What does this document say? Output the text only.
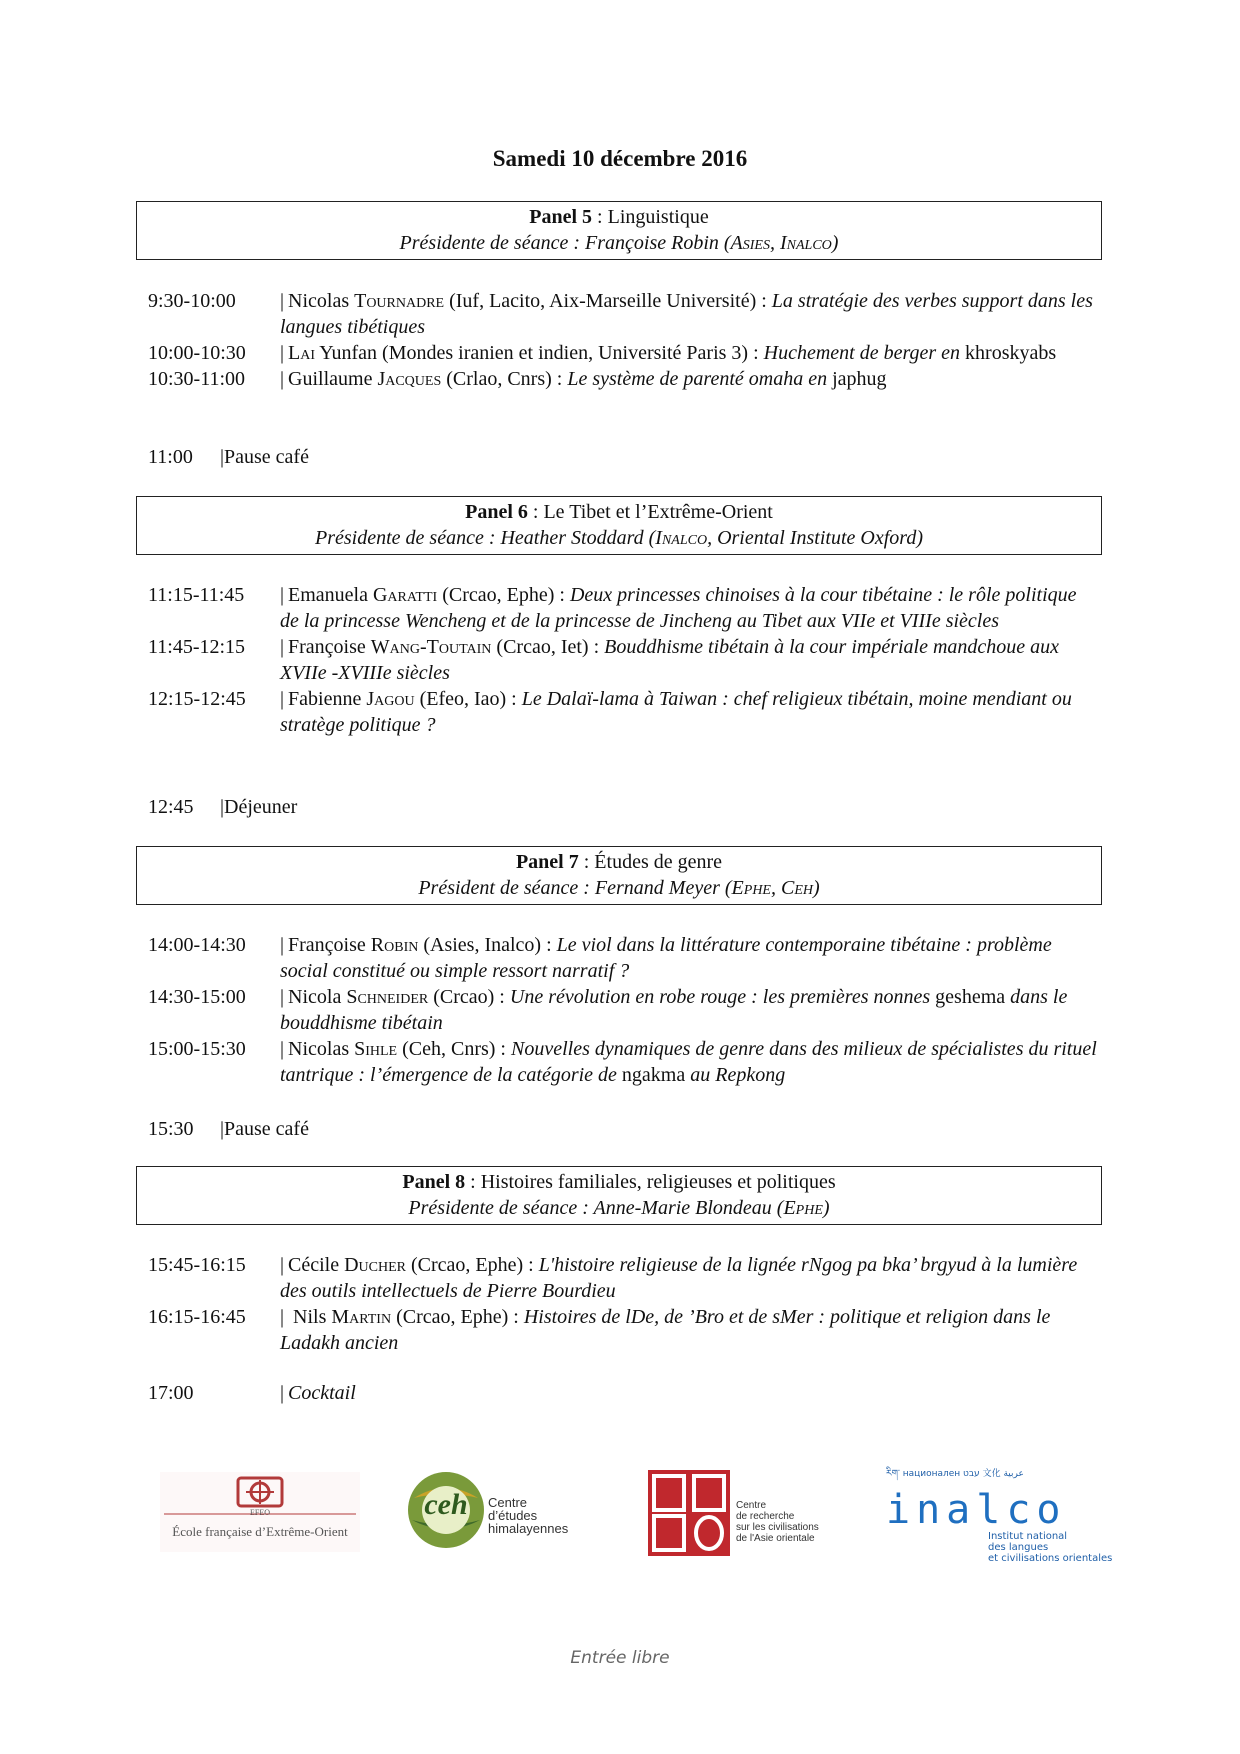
Samedi 10 décembre 2016
Panel 5 : Linguistique
Présidente de séance : Françoise Robin (Asies, Inalco)
9:30-10:00	| Nicolas Tournadre (Iuf, Lacito, Aix-Marseille Université) : La stratégie des verbes support dans les langues tibétiques
10:00-10:30	| Lai Yunfan (Mondes iranien et indien, Université Paris 3) : Huchement de berger en khroskyabs
10:30-11:00	| Guillaume Jacques (Crlao, Cnrs) : Le système de parenté omaha en japhug
11:00	|Pause café
Panel 6 : Le Tibet et l’Extrême-Orient
Présidente de séance : Heather Stoddard (Inalco, Oriental Institute Oxford)
11:15-11:45	| Emanuela Garatti (Crcao, Ephe) : Deux princesses chinoises à la cour tibétaine : le rôle politique de la princesse Wencheng et de la princesse de Jincheng au Tibet aux VIIe et VIIIe siècles
11:45-12:15	| Françoise Wang-Toutain (Crcao, Iet) : Bouddhisme tibétain à la cour impériale mandchoue aux XVIIe -XVIIIe siècles
12:15-12:45	| Fabienne Jagou (Efeo, Iao) : Le Dalaï-lama à Taiwan : chef religieux tibétain, moine mendiant ou stratège politique ?
12:45	|Déjeuner
Panel 7 : Études de genre
Président de séance : Fernand Meyer (Ephe, Ceh)
14:00-14:30	| Françoise Robin (Asies, Inalco) : Le viol dans la littérature contemporaine tibétaine : problème social constitué ou simple ressort narratif ?
14:30-15:00	| Nicola Schneider (Crcao) : Une révolution en robe rouge : les premières nonnes geshema dans le bouddhisme tibétain
15:00-15:30	| Nicolas Sihle (Ceh, Cnrs) : Nouvelles dynamiques de genre dans des milieux de spécialistes du rituel tantrique : l’émergence de la catégorie de ngakma au Repkong
15:30	|Pause café
Panel 8 : Histoires familiales, religieuses et politiques
Présidente de séance : Anne-Marie Blondeau (Ephe)
15:45-16:15	| Cécile Ducher (Crcao, Ephe) : L'histoire religieuse de la lignée rNgog pa bka’ brgyud à la lumière des outils intellectuels de Pierre Bourdieu
16:15-16:45	| Nils Martin (Crcao, Ephe) : Histoires de lDe, de ’Bro et de sMer : politique et religion dans le Ladakh ancien
17:00	| Cocktail
EFEO
École française d’Extrême-Orient
ceh	Centre
d’études
himalayennes
Centre
de recherche
sur les civilisations
de l'Asie orientale
རིག་ национален עבט 文化 عربية
inalco
Institut national
des langues
et civilisations orientales
Entrée libre
